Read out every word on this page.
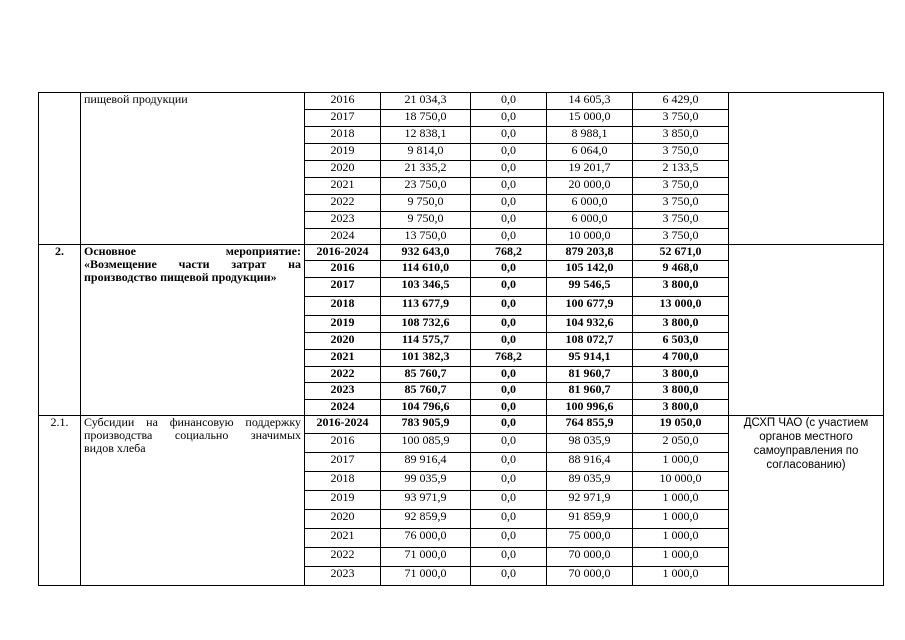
	пищевой продукции	2016	21 034,3	0,0	14 605,3	6 429,0	
		2017	18 750,0	0,0	15 000,0	3 750,0	
		2018	12 838,1	0,0	8 988,1	3 850,0	
		2019	9 814,0	0,0	6 064,0	3 750,0	
		2020	21 335,2	0,0	19 201,7	2 133,5	
		2021	23 750,0	0,0	20 000,0	3 750,0	
		2022	9 750,0	0,0	6 000,0	3 750,0	
		2023	9 750,0	0,0	6 000,0	3 750,0	
		2024	13 750,0	0,0	10 000,0	3 750,0	
2.	Основное мероприятие:
«Возмещение части затрат на
производство пищевой продукции»	2016-2024	932 643,0	768,2	879 203,8	52 671,0	
		2016	114 610,0	0,0	105 142,0	9 468,0	
		2017	103 346,5	0,0	99 546,5	3 800,0	
		2018	113 677,9	0,0	100 677,9	13 000,0	
		2019	108 732,6	0,0	104 932,6	3 800,0	
		2020	114 575,7	0,0	108 072,7	6 503,0	
		2021	101 382,3	768,2	95 914,1	4 700,0	
		2022	85 760,7	0,0	81 960,7	3 800,0	
		2023	85 760,7	0,0	81 960,7	3 800,0	
		2024	104 796,6	0,0	100 996,6	3 800,0	
2.1.	Субсидии на финансовую поддержку
производства социально значимых
видов хлеба	2016-2024	783 905,9	0,0	764 855,9	19 050,0	ДСХП ЧАО (с участием органов местного самоуправления по согласованию)
		2016	100 085,9	0,0	98 035,9	2 050,0	
		2017	89 916,4	0,0	88 916,4	1 000,0	
		2018	99 035,9	0,0	89 035,9	10 000,0	
		2019	93 971,9	0,0	92 971,9	1 000,0	
		2020	92 859,9	0,0	91 859,9	1 000,0	
		2021	76 000,0	0,0	75 000,0	1 000,0	
		2022	71 000,0	0,0	70 000,0	1 000,0	
		2023	71 000,0	0,0	70 000,0	1 000,0	
